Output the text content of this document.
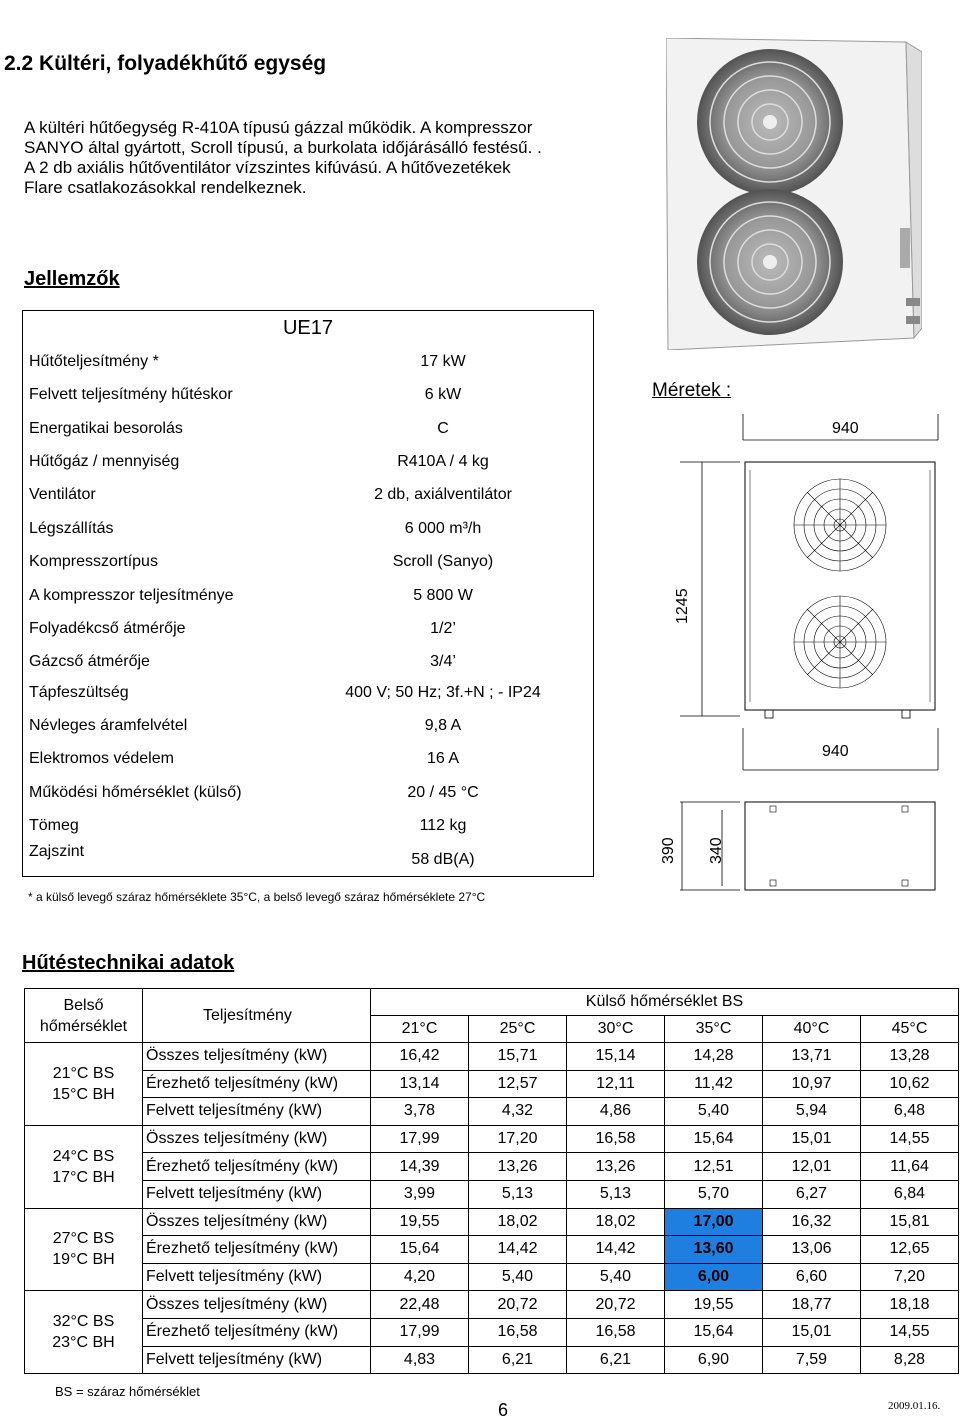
2.2 Kültéri, folyadékhűtő egység

A kültéri hűtőegység R-410A típusú gázzal működik. A kompresszor

SANYO által gyártott, Scroll típusú, a burkolata időjárásálló festésű. .

A 2 db axiális hűtőventilátor vízszintes kifúvású. A hűtővezetékek

Flare csatlakozásokkal rendelkeznek.

Jellemzők
UE17
Hűtőteljesítmény *	17 kW
Felvett teljesítmény hűtéskor	6 kW
Energatikai besorolás	C
Hűtőgáz / mennyiség	R410A / 4 kg
Ventilátor	2 db, axiálventilátor
Légszállítás	6 000 m³/h
Kompresszortípus	Scroll (Sanyo)
A kompresszor teljesítménye	5 800 W
Folyadékcső átmérője	1/2’
Gázcső átmérője	3/4’
Tápfeszültség	400 V; 50 Hz; 3f.+N ; - IP24
Névleges áramfelvétel	9,8 A
Elektromos védelem	16 A
Működési hőmérséklet (külső)	20 / 45 °C
Tömeg	112 kg
Zajszint	58 dB(A)
* a külső levegő száraz hőmérséklete 35°C, a belső levegő száraz hőmérséklete 27°C
Méretek :
940
1245
940
390 340
Hűtéstechnikai adatok
Belső hőmérséklet	Teljesítmény	Külső hőmérséklet BS					
		21°C	25°C	30°C	35°C	40°C	45°C

21°C BS
15°C BH	Összes teljesítmény (kW)	16,42	15,71	15,14	14,28	13,71	13,28
	Érezhető teljesítmény (kW)	13,14	12,57	12,11	11,42	10,97	10,62
	Felvett teljesítmény (kW)	3,78	4,32	4,86	5,40	5,94	6,48

24°C BS
17°C BH	Összes teljesítmény (kW)	17,99	17,20	16,58	15,64	15,01	14,55
	Érezhető teljesítmény (kW)	14,39	13,26	13,26	12,51	12,01	11,64
	Felvett teljesítmény (kW)	3,99	5,13	5,13	5,70	6,27	6,84

27°C BS
19°C BH	Összes teljesítmény (kW)	19,55	18,02	18,02	17,00	16,32	15,81
	Érezhető teljesítmény (kW)	15,64	14,42	14,42	13,60	13,06	12,65
	Felvett teljesítmény (kW)	4,20	5,40	5,40	6,00	6,60	7,20

32°C BS
23°C BH	Összes teljesítmény (kW)	22,48	20,72	20,72	19,55	18,77	18,18
	Érezhető teljesítmény (kW)	17,99	16,58	16,58	15,64	15,01	14,55
	Felvett teljesítmény (kW)	4,83	6,21	6,21	6,90	7,59	8,28
BS = száraz hőmérséklet
6	2009.01.16.
